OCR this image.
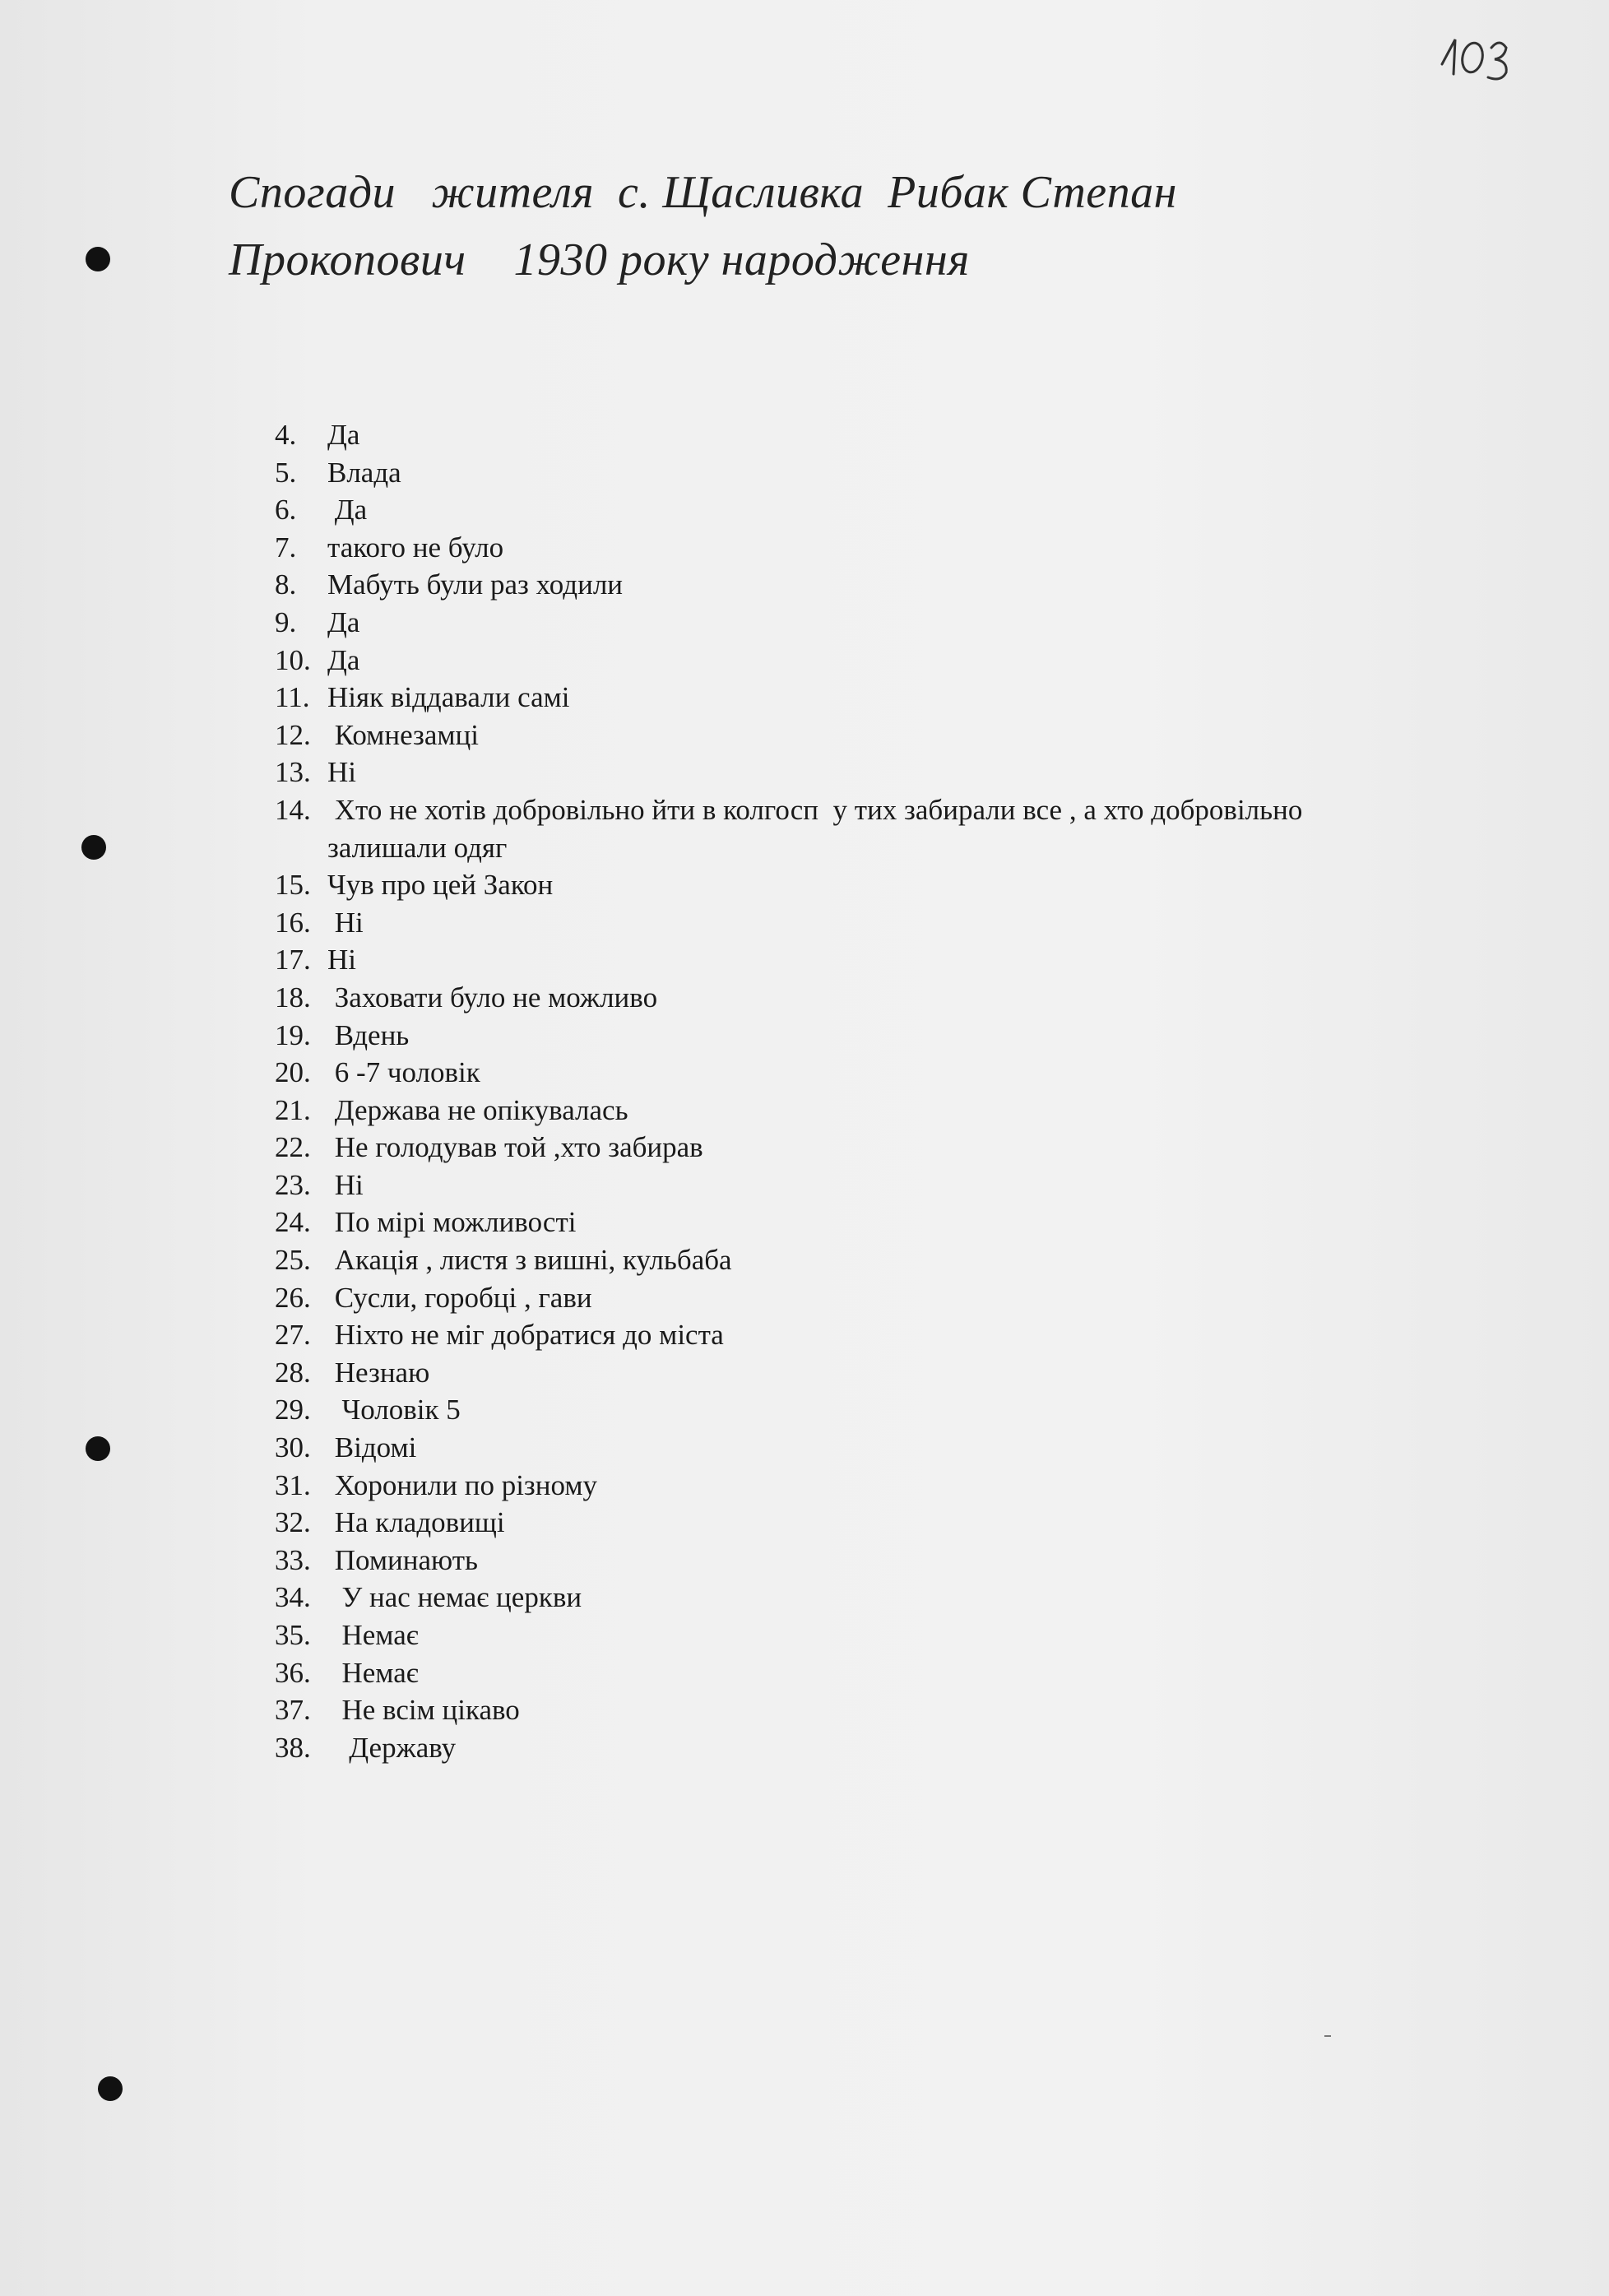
Спогади   жителя  с. Щасливка  Рибак Степан
Прокопович    1930 року народження
4.	Да
5.	Влада
6.	Да
7.	такого не було
8.	Мабуть були раз ходили
9.	Да
10. Да
11. Ніяк віддавали самі
12. Комнезамці
13. Ні
14. Хто не хотів добровільно йти в колгосп  у тих забирали все , а хто добровільно
залишали одяг
15. Чув про цей Закон
16. Ні
17. Ні
18. Заховати було не можливо
19. Вдень
20. 6 -7 чоловік
21. Держава не опікувалась
22. Не голодував той ,хто забирав
23. Ні
24. По мірі можливості
25. Акація , листя з вишні, кульбаба
26. Сусли, горобці , гави
27. Ніхто не міг добратися до міста
28. Незнаю
29. Чоловік 5
30. Відомі
31. Хоронили по різному
32. На кладовищі
33. Поминають
34. У нас немає церкви
35. Немає
36. Немає
37. Не всім цікаво
38. Державу
